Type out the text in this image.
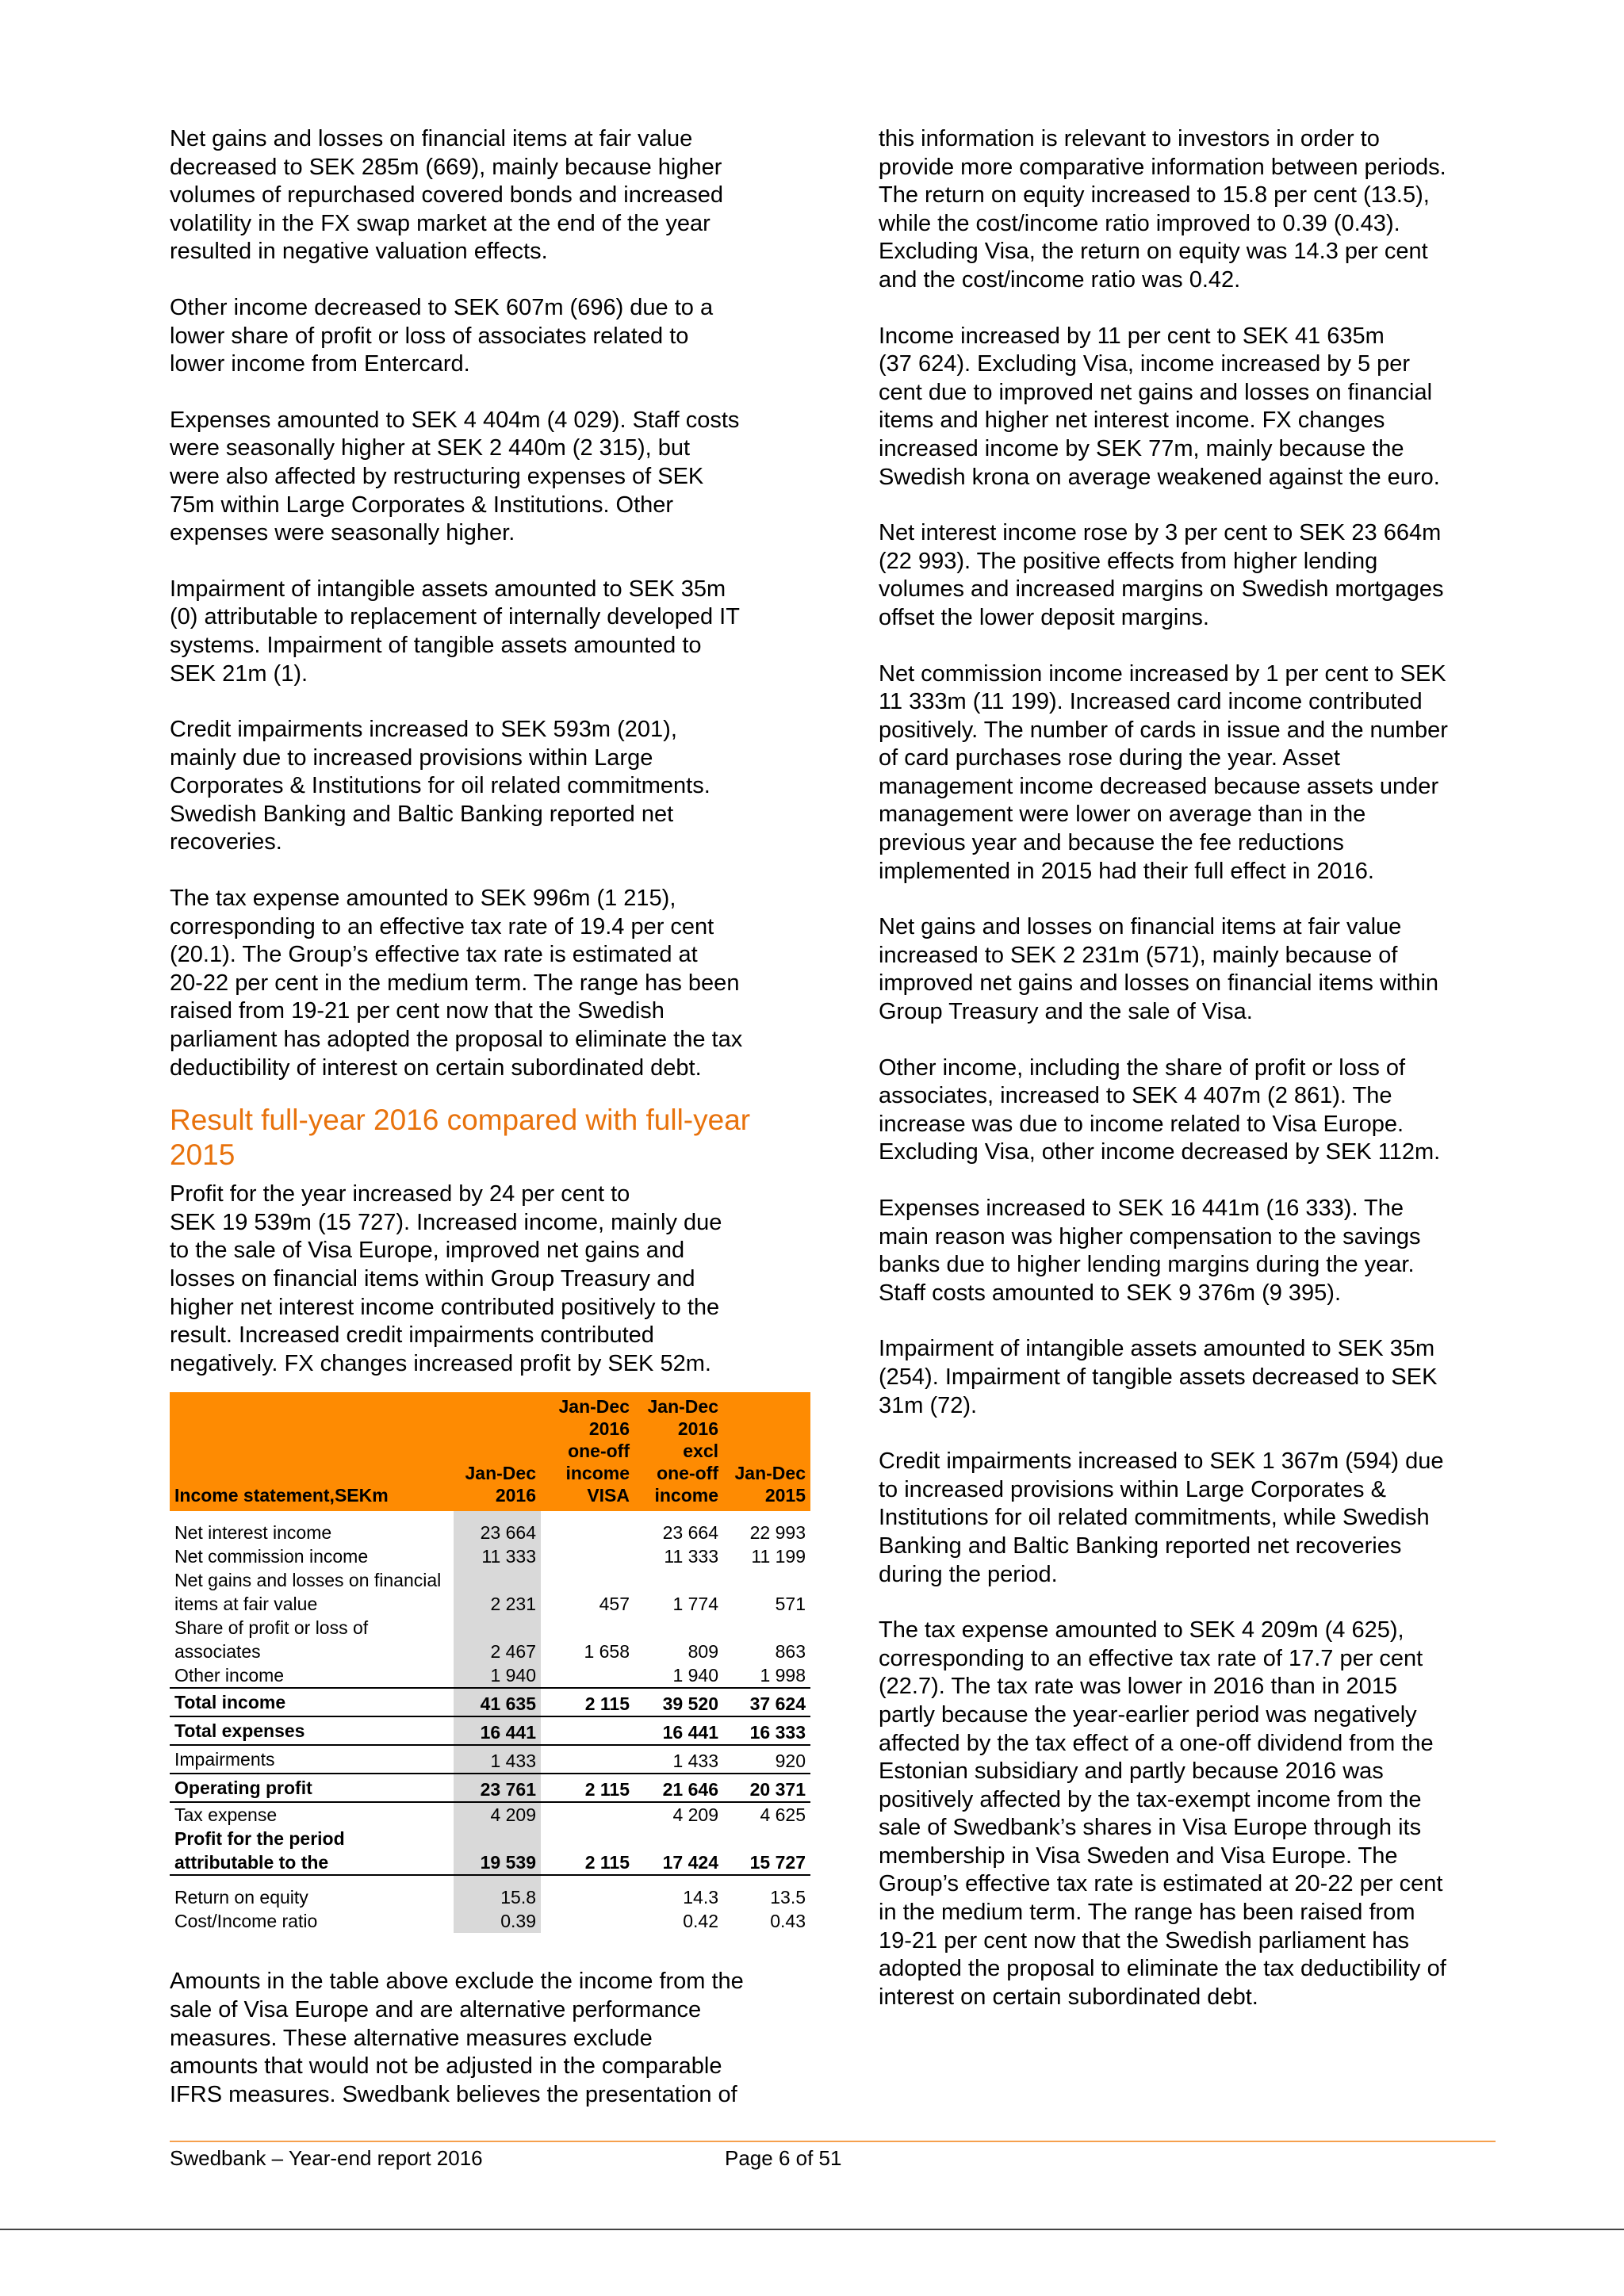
Net gains and losses on financial items at fair value
decreased to SEK 285m (669), mainly because higher
volumes of repurchased covered bonds and increased
volatility in the FX swap market at the end of the year
resulted in negative valuation effects.

Other income decreased to SEK 607m (696) due to a
lower share of profit or loss of associates related to
lower income from Entercard.

Expenses amounted to SEK 4 404m (4 029). Staff costs
were seasonally higher at SEK 2 440m (2 315), but
were also affected by restructuring expenses of SEK
75m within Large Corporates & Institutions. Other
expenses were seasonally higher.

Impairment of intangible assets amounted to SEK 35m
(0) attributable to replacement of internally developed IT
systems. Impairment of tangible assets amounted to
SEK 21m (1).

Credit impairments increased to SEK 593m (201),
mainly due to increased provisions within Large
Corporates & Institutions for oil related commitments.
Swedish Banking and Baltic Banking reported net
recoveries.

The tax expense amounted to SEK 996m (1 215),
corresponding to an effective tax rate of 19.4 per cent
(20.1). The Group’s effective tax rate is estimated at
20-22 per cent in the medium term. The range has been
raised from 19-21 per cent now that the Swedish
parliament has adopted the proposal to eliminate the tax
deductibility of interest on certain subordinated debt.

Result full-year 2016 compared with full-year
2015

Profit for the year increased by 24 per cent to
SEK 19 539m (15 727). Increased income, mainly due
to the sale of Visa Europe, improved net gains and
losses on financial items within Group Treasury and
higher net interest income contributed positively to the
result. Increased credit impairments contributed
negatively. FX changes increased profit by SEK 52m.

Income statement,SEKm	Jan-Dec
2016	Jan-Dec
2016
one-off
income
VISA	Jan-Dec
2016
excl
one-off
income	Jan-Dec
2015

Net interest income	23 664		23 664	22 993
Net commission income	11 333		11 333	11 199
Net gains and losses on financial
items at fair value	2 231	457	1 774	571
Share of profit or loss of
associates	2 467	1 658	809	863
Other income	1 940		1 940	1 998
Total income	41 635	2 115	39 520	37 624
Total expenses	16 441		16 441	16 333
Impairments	1 433		1 433	920
Operating profit	23 761	2 115	21 646	20 371
Tax expense	4 209		4 209	4 625
Profit for the period
attributable to the	19 539	2 115	17 424	15 727

Return on equity	15.8		14.3	13.5
Cost/Income ratio	0.39		0.42	0.43

Amounts in the table above exclude the income from the
sale of Visa Europe and are alternative performance
measures. These alternative measures exclude
amounts that would not be adjusted in the comparable
IFRS measures. Swedbank believes the presentation of

this information is relevant to investors in order to
provide more comparative information between periods.
The return on equity increased to 15.8 per cent (13.5),
while the cost/income ratio improved to 0.39 (0.43).
Excluding Visa, the return on equity was 14.3 per cent
and the cost/income ratio was 0.42.

Income increased by 11 per cent to SEK 41 635m
(37 624). Excluding Visa, income increased by 5 per
cent due to improved net gains and losses on financial
items and higher net interest income. FX changes
increased income by SEK 77m, mainly because the
Swedish krona on average weakened against the euro.

Net interest income rose by 3 per cent to SEK 23 664m
(22 993). The positive effects from higher lending
volumes and increased margins on Swedish mortgages
offset the lower deposit margins.

Net commission income increased by 1 per cent to SEK
11 333m (11 199). Increased card income contributed
positively. The number of cards in issue and the number
of card purchases rose during the year. Asset
management income decreased because assets under
management were lower on average than in the
previous year and because the fee reductions
implemented in 2015 had their full effect in 2016.

Net gains and losses on financial items at fair value
increased to SEK 2 231m (571), mainly because of
improved net gains and losses on financial items within
Group Treasury and the sale of Visa.

Other income, including the share of profit or loss of
associates, increased to SEK 4 407m (2 861). The
increase was due to income related to Visa Europe.
Excluding Visa, other income decreased by SEK 112m.

Expenses increased to SEK 16 441m (16 333). The
main reason was higher compensation to the savings
banks due to higher lending margins during the year.
Staff costs amounted to SEK 9 376m (9 395).

Impairment of intangible assets amounted to SEK 35m
(254). Impairment of tangible assets decreased to SEK
31m (72).

Credit impairments increased to SEK 1 367m (594) due
to increased provisions within Large Corporates &
Institutions for oil related commitments, while Swedish
Banking and Baltic Banking reported net recoveries
during the period.

The tax expense amounted to SEK 4 209m (4 625),
corresponding to an effective tax rate of 17.7 per cent
(22.7). The tax rate was lower in 2016 than in 2015
partly because the year-earlier period was negatively
affected by the tax effect of a one-off dividend from the
Estonian subsidiary and partly because 2016 was
positively affected by the tax-exempt income from the
sale of Swedbank’s shares in Visa Europe through its
membership in Visa Sweden and Visa Europe. The
Group’s effective tax rate is estimated at 20-22 per cent
in the medium term. The range has been raised from
19-21 per cent now that the Swedish parliament has
adopted the proposal to eliminate the tax deductibility of
interest on certain subordinated debt.

Swedbank – Year-end report 2016	Page 6 of 51
